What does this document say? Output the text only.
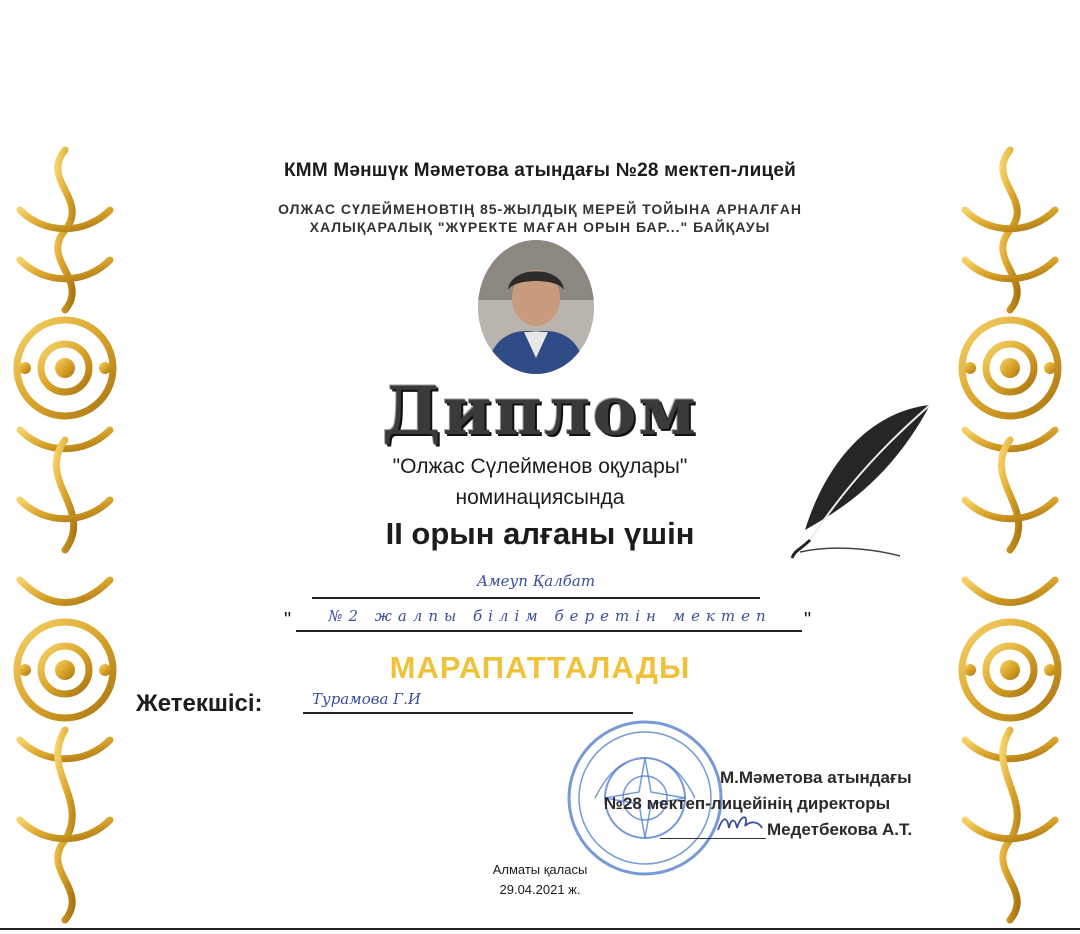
КММ Мәншүк Мәметова атындағы №28 мектеп-лицей
ОЛЖАС СҮЛЕЙМЕНОВТІҢ 85-ЖЫЛДЫҚ МЕРЕЙ ТОЙЫНА АРНАЛҒАН
ХАЛЫҚАРАЛЫҚ "ЖҮРЕКТЕ МАҒАН ОРЫН БАР..." БАЙҚАУЫ
Диплом
"Олжас Сүлейменов оқулары"
номинациясында
II орын алғаны үшін
Амеуп Қалбат
"	№2 жалпы білім беретін мектеп	"
МАРАПАТТАЛАДЫ
Жетекшісі:	Турамова Г.И
М.Мәметова атындағы
№28 мектеп-лицейінің директоры
Медетбекова А.Т.
Алматы қаласы
29.04.2021 ж.
